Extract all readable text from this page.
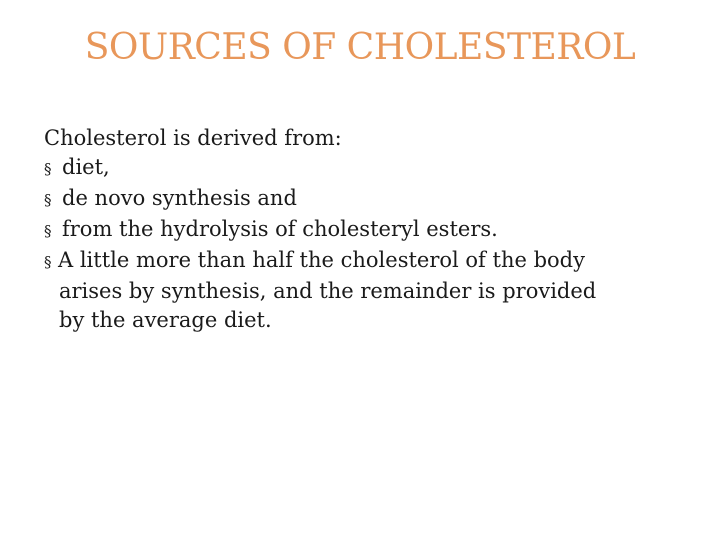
SOURCES OF CHOLESTEROL
Cholesterol is derived from:
§ diet,
§ de novo synthesis and
§ from the hydrolysis of cholesteryl esters.
§ A little more than half the cholesterol of the body
arises by synthesis, and the remainder is provided
by the average diet.
